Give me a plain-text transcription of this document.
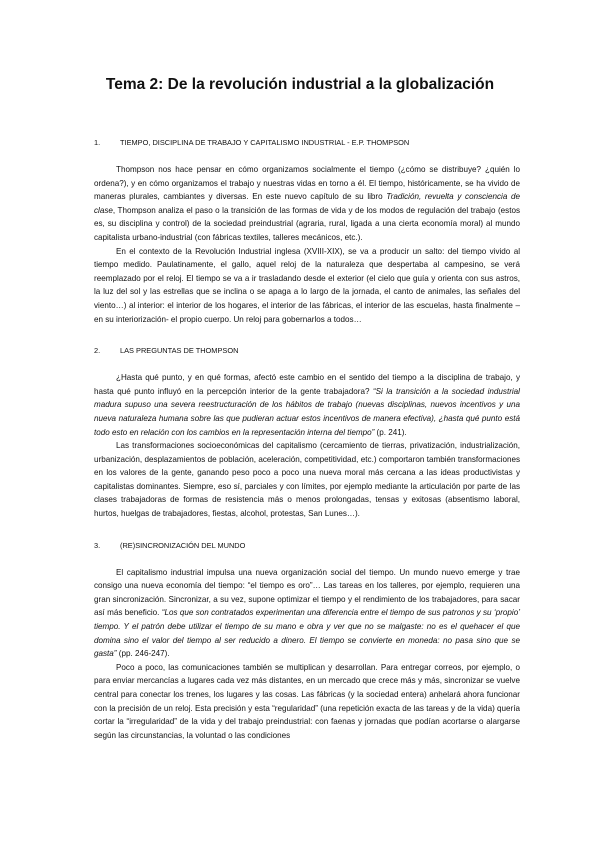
Tema 2: De la revolución industrial a la globalización
1.	TIEMPO, DISCIPLINA DE TRABAJO Y CAPITALISMO INDUSTRIAL - E.P. THOMPSON

Thompson nos hace pensar en cómo organizamos socialmente el tiempo (¿cómo se distribuye? ¿quién lo ordena?), y en cómo organizamos el trabajo y nuestras vidas en torno a él. El tiempo, históricamente, se ha vivido de maneras plurales, cambiantes y diversas. En este nuevo capítulo de su libro Tradición, revuelta y consciencia de clase, Thompson analiza el paso o la transición de las formas de vida y de los modos de regulación del trabajo (estos es, su disciplina y control) de la sociedad preindustrial (agraria, rural, ligada a una cierta economía moral) al mundo capitalista urbano-industrial (con fábricas textiles, talleres mecánicos, etc.).

En el contexto de la Revolución Industrial inglesa (XVIII-XIX), se va a producir un salto: del tiempo vivido al tiempo medido. Paulatinamente, el gallo, aquel reloj de la naturaleza que despertaba al campesino, se verá reemplazado por el reloj. El tiempo se va a ir trasladando desde el exterior (el cielo que guía y orienta con sus astros, la luz del sol y las estrellas que se inclina o se apaga a lo largo de la jornada, el canto de animales, las señales del viento…) al interior: el interior de los hogares, el interior de las fábricas, el interior de las escuelas, hasta finalmente –en su interiorización- el propio cuerpo. Un reloj para gobernarlos a todos…

2.	LAS PREGUNTAS DE THOMPSON

¿Hasta qué punto, y en qué formas, afectó este cambio en el sentido del tiempo a la disciplina de trabajo, y hasta qué punto influyó en la percepción interior de la gente trabajadora? “Si la transición a la sociedad industrial madura supuso una severa reestructuración de los hábitos de trabajo (nuevas disciplinas, nuevos incentivos y una nueva naturaleza humana sobre las que pudieran actuar estos incentivos de manera efectiva), ¿hasta qué punto está todo esto en relación con los cambios en la representación interna del tiempo” (p. 241).

Las transformaciones socioeconómicas del capitalismo (cercamiento de tierras, privatización, industrialización, urbanización, desplazamientos de población, aceleración, competitividad, etc.) comportaron también transformaciones en los valores de la gente, ganando peso poco a poco una nueva moral más cercana a las ideas productivistas y capitalistas dominantes. Siempre, eso sí, parciales y con límites, por ejemplo mediante la articulación por parte de las clases trabajadoras de formas de resistencia más o menos prolongadas, tensas y exitosas (absentismo laboral, hurtos, huelgas de trabajadores, fiestas, alcohol, protestas, San Lunes…).

3.	(RE)SINCRONIZACIÓN DEL MUNDO

El capitalismo industrial impulsa una nueva organización social del tiempo. Un mundo nuevo emerge y trae consigo una nueva economía del tiempo: “el tiempo es oro”… Las tareas en los talleres, por ejemplo, requieren una gran sincronización. Sincronizar, a su vez, supone optimizar el tiempo y el rendimiento de los trabajadores, para sacar así más beneficio. “Los que son contratados experimentan una diferencia entre el tiempo de sus patronos y su ‘propio’ tiempo. Y el patrón debe utilizar el tiempo de su mano e obra y ver que no se malgaste: no es el quehacer el que domina sino el valor del tiempo al ser reducido a dinero. El tiempo se convierte en moneda: no pasa sino que se gasta” (pp. 246-247).

Poco a poco, las comunicaciones también se multiplican y desarrollan. Para entregar correos, por ejemplo, o para enviar mercancías a lugares cada vez más distantes, en un mercado que crece más y más, sincronizar se vuelve central para conectar los trenes, los lugares y las cosas. Las fábricas (y la sociedad entera) anhelará ahora funcionar con la precisión de un reloj. Esta precisión y esta “regularidad” (una repetición exacta de las tareas y de la vida) quería cortar la “irregularidad” de la vida y del trabajo preindustrial: con faenas y jornadas que podían acortarse o alargarse según las circunstancias, la voluntad o las condiciones
